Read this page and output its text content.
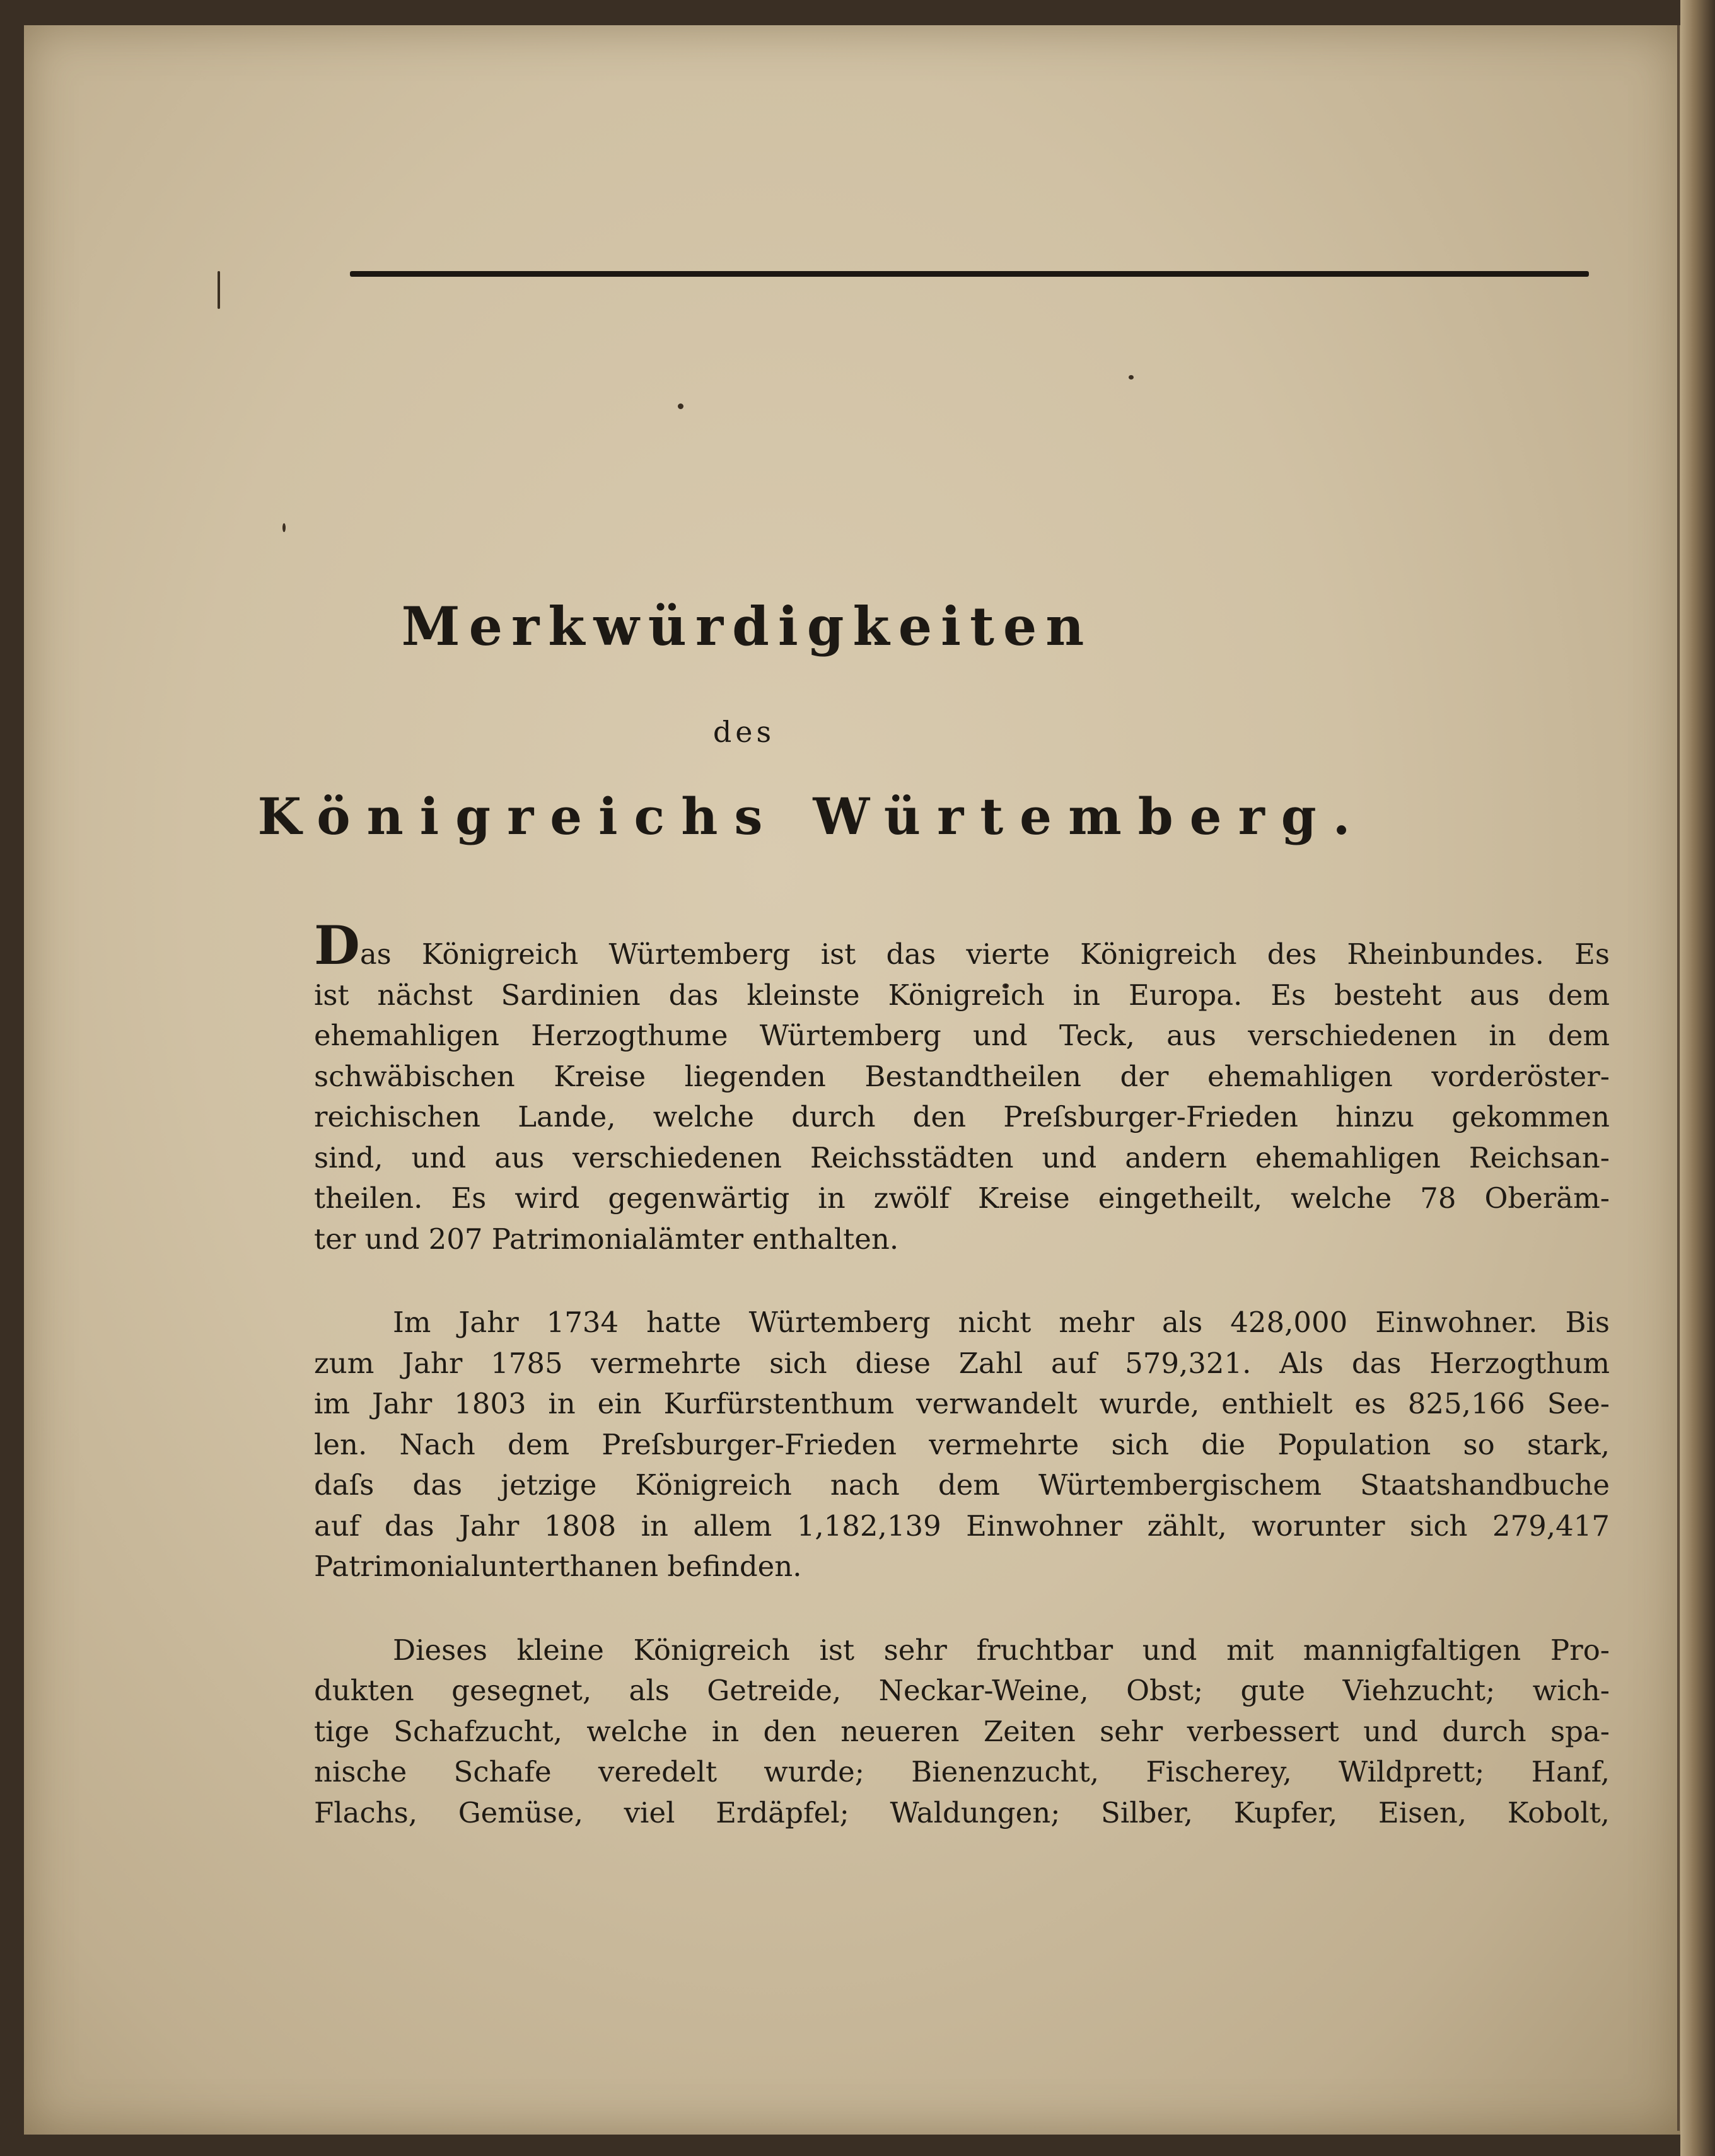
Merkwürdigkeiten
des
Königreichs Würtemberg.

Das Königreich Würtemberg ist das vierte Königreich des Rheinbundes. Es
ist nächst Sardinien das kleinste Königreich in Europa. Es besteht aus dem
ehemahligen Herzogthume Würtemberg und Teck, aus verschiedenen in dem
schwäbischen Kreise liegenden Bestandtheilen der ehemahligen vorderöster-
reichischen Lande, welche durch den Preſsburger-Frieden hinzu gekommen
sind, und aus verschiedenen Reichsstädten und andern ehemahligen Reichsan-
theilen. Es wird gegenwärtig in zwölf Kreise eingetheilt, welche 78 Oberäm-
ter und 207 Patrimonialämter enthalten.

Im Jahr 1734 hatte Würtemberg nicht mehr als 428,000 Einwohner. Bis
zum Jahr 1785 vermehrte sich diese Zahl auf 579,321. Als das Herzogthum
im Jahr 1803 in ein Kurfürstenthum verwandelt wurde, enthielt es 825,166 See-
len. Nach dem Preſsburger-Frieden vermehrte sich die Population so stark,
daſs das jetzige Königreich nach dem Würtembergischem Staatshandbuche
auf das Jahr 1808 in allem 1,182,139 Einwohner zählt, worunter sich 279,417
Patrimonialunterthanen befinden.

Dieses kleine Königreich ist sehr fruchtbar und mit mannigfaltigen Pro-
dukten gesegnet, als Getreide, Neckar-Weine, Obst; gute Viehzucht; wich-
tige Schafzucht, welche in den neueren Zeiten sehr verbessert und durch spa-
nische Schafe veredelt wurde; Bienenzucht, Fischerey, Wildprett; Hanf,
Flachs, Gemüse, viel Erdäpfel; Waldungen; Silber, Kupfer, Eisen, Kobolt,
